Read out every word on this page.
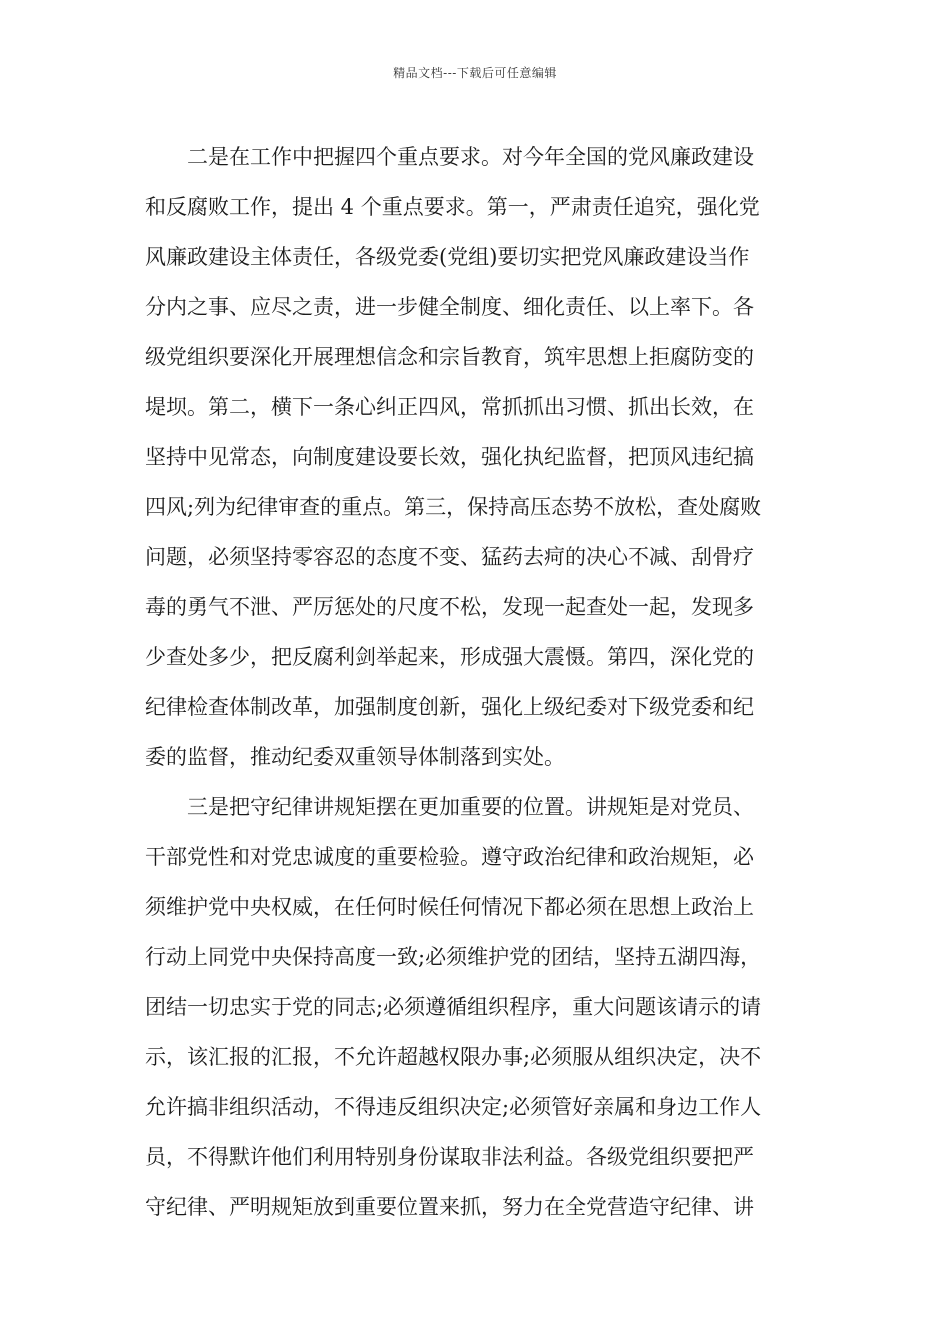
精品文档---下载后可任意编辑
二是在工作中把握四个重点要求。对今年全国的党风廉政建设
和反腐败工作，提出 4 个重点要求。第一，严肃责任追究，强化党
风廉政建设主体责任，各级党委(党组)要切实把党风廉政建设当作
分内之事、应尽之责，进一步健全制度、细化责任、以上率下。各
级党组织要深化开展理想信念和宗旨教育，筑牢思想上拒腐防变的
堤坝。第二，横下一条心纠正四风，常抓抓出习惯、抓出长效，在
坚持中见常态，向制度建设要长效，强化执纪监督，把顶风违纪搞
四风;列为纪律审查的重点。第三，保持高压态势不放松，查处腐败
问题，必须坚持零容忍的态度不变、猛药去疴的决心不减、刮骨疗
毒的勇气不泄、严厉惩处的尺度不松，发现一起查处一起，发现多
少查处多少，把反腐利剑举起来，形成强大震慑。第四，深化党的
纪律检查体制改革，加强制度创新，强化上级纪委对下级党委和纪
委的监督，推动纪委双重领导体制落到实处。
三是把守纪律讲规矩摆在更加重要的位置。讲规矩是对党员、
干部党性和对党忠诚度的重要检验。遵守政治纪律和政治规矩，必
须维护党中央权威，在任何时候任何情况下都必须在思想上政治上
行动上同党中央保持高度一致;必须维护党的团结，坚持五湖四海，
团结一切忠实于党的同志;必须遵循组织程序，重大问题该请示的请
示，该汇报的汇报，不允许超越权限办事;必须服从组织决定，决不
允许搞非组织活动，不得违反组织决定;必须管好亲属和身边工作人
员，不得默许他们利用特别身份谋取非法利益。各级党组织要把严
守纪律、严明规矩放到重要位置来抓，努力在全党营造守纪律、讲
